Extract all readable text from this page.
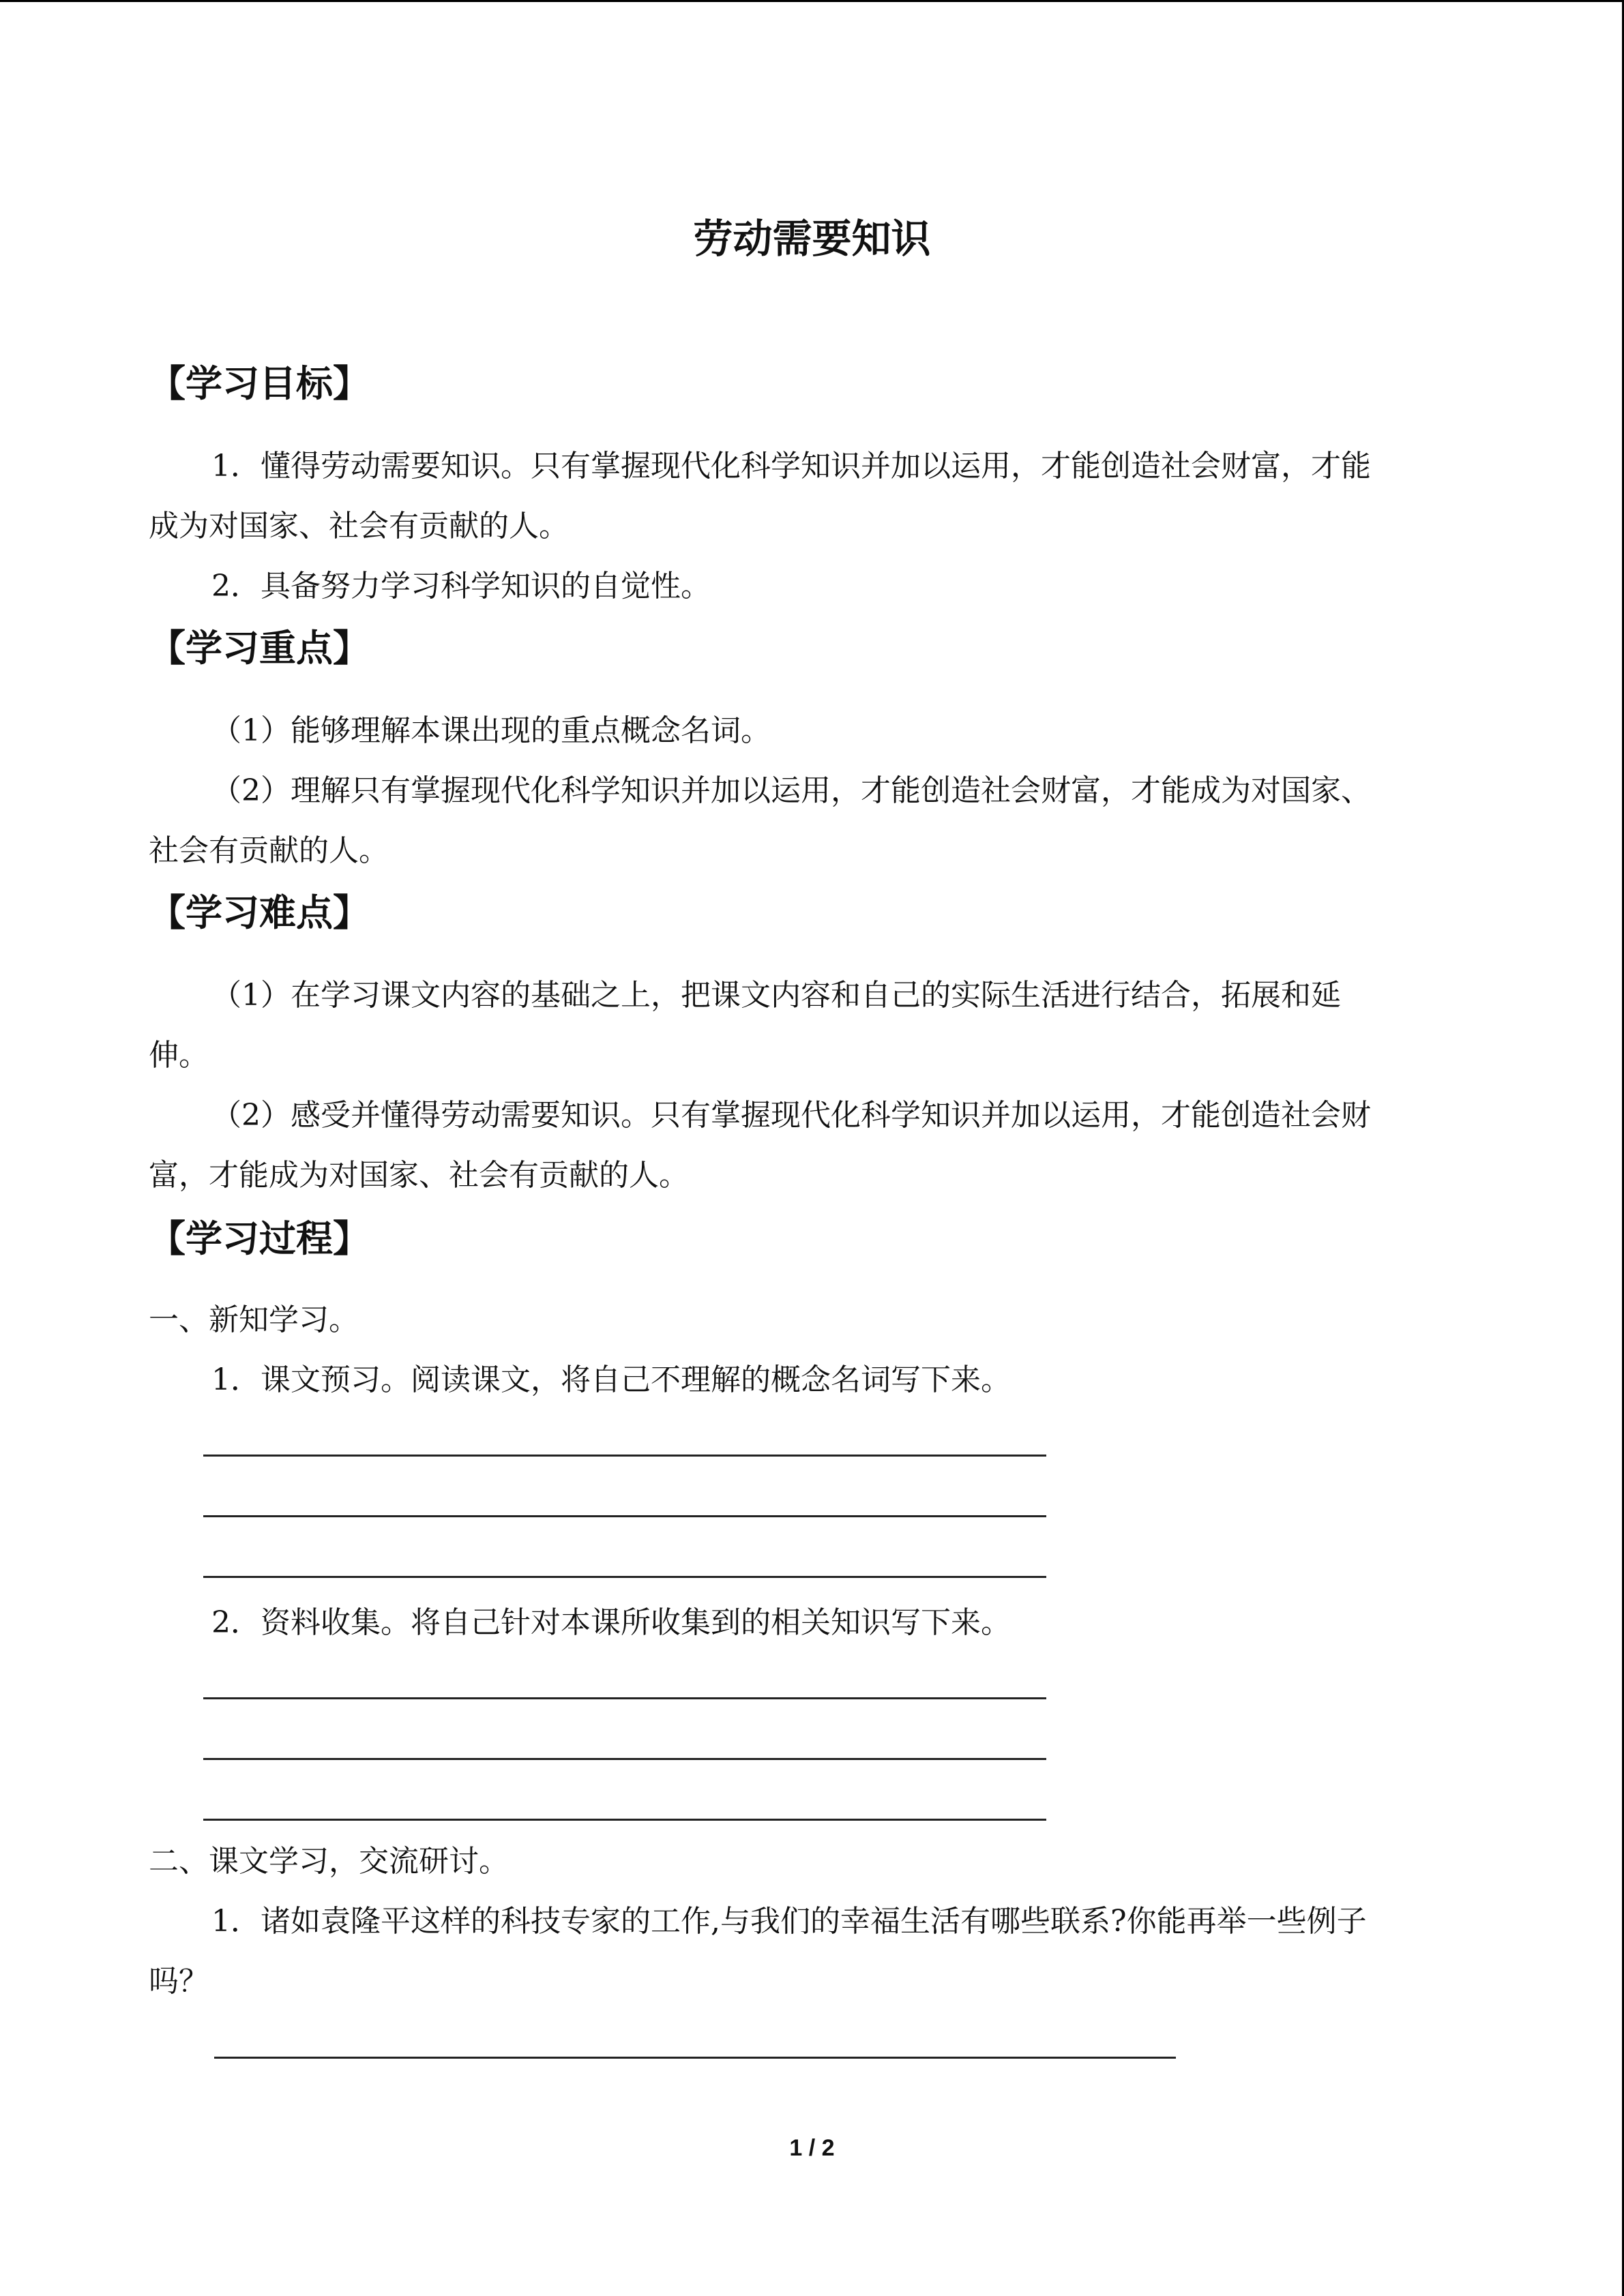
劳动需要知识
【学习目标】
1．懂得劳动需要知识。只有掌握现代化科学知识并加以运用，才能创造社会财富，才能
成为对国家、社会有贡献的人。
2．具备努力学习科学知识的自觉性。
【学习重点】
（1）能够理解本课出现的重点概念名词。
（2）理解只有掌握现代化科学知识并加以运用，才能创造社会财富，才能成为对国家、
社会有贡献的人。
【学习难点】
（1）在学习课文内容的基础之上，把课文内容和自己的实际生活进行结合，拓展和延
伸。
（2）感受并懂得劳动需要知识。只有掌握现代化科学知识并加以运用，才能创造社会财
富，才能成为对国家、社会有贡献的人。
【学习过程】
一、新知学习。
1．课文预习。阅读课文，将自己不理解的概念名词写下来。
2．资料收集。将自己针对本课所收集到的相关知识写下来。
二、课文学习，交流研讨。
1．诸如袁隆平这样的科技专家的工作,与我们的幸福生活有哪些联系?你能再举一些例子
吗？
1 / 2
